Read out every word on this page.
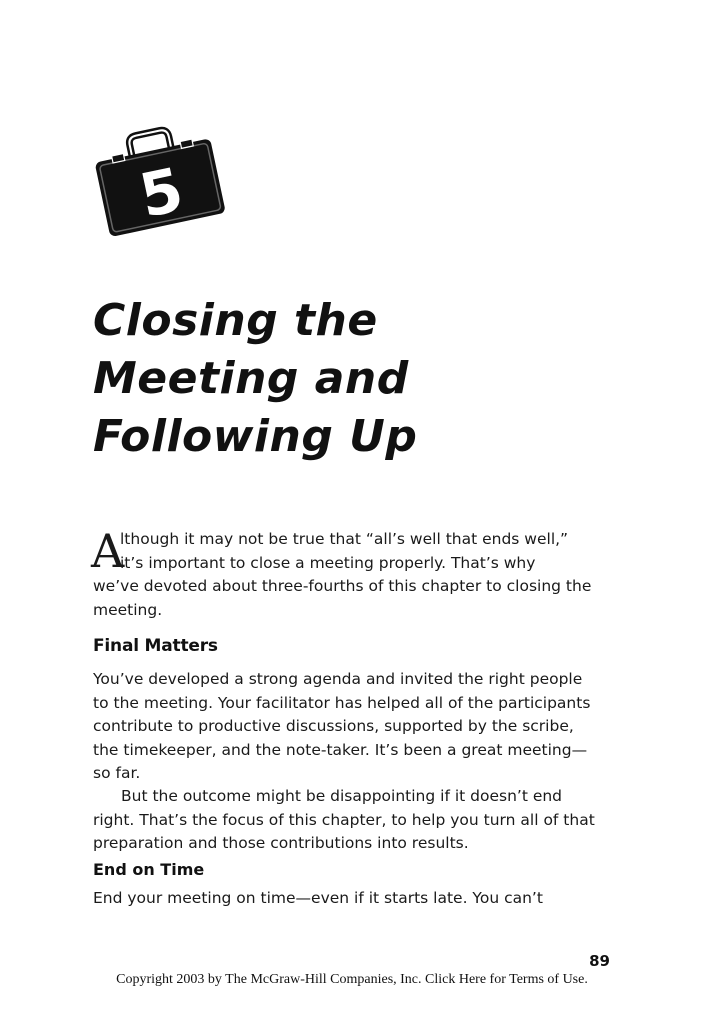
5
Closing the
Meeting and
Following Up

A
lthough it may not be true that “all’s well that ends well,”
it’s important to close a meeting properly. That’s why
we’ve devoted about three-fourths of this chapter to closing the
meeting.

Final Matters

You’ve developed a strong agenda and invited the right people
to the meeting. Your facilitator has helped all of the participants
contribute to productive discussions, supported by the scribe,
the timekeeper, and the note-taker. It’s been a great meeting—
so far.

But the outcome might be disappointing if it doesn’t end
right. That’s the focus of this chapter, to help you turn all of that
preparation and those contributions into results.

End on Time

End your meeting on time—even if it starts late. You can’t

89
Copyright 2003 by The McGraw-Hill Companies, Inc. Click Here for Terms of Use.
